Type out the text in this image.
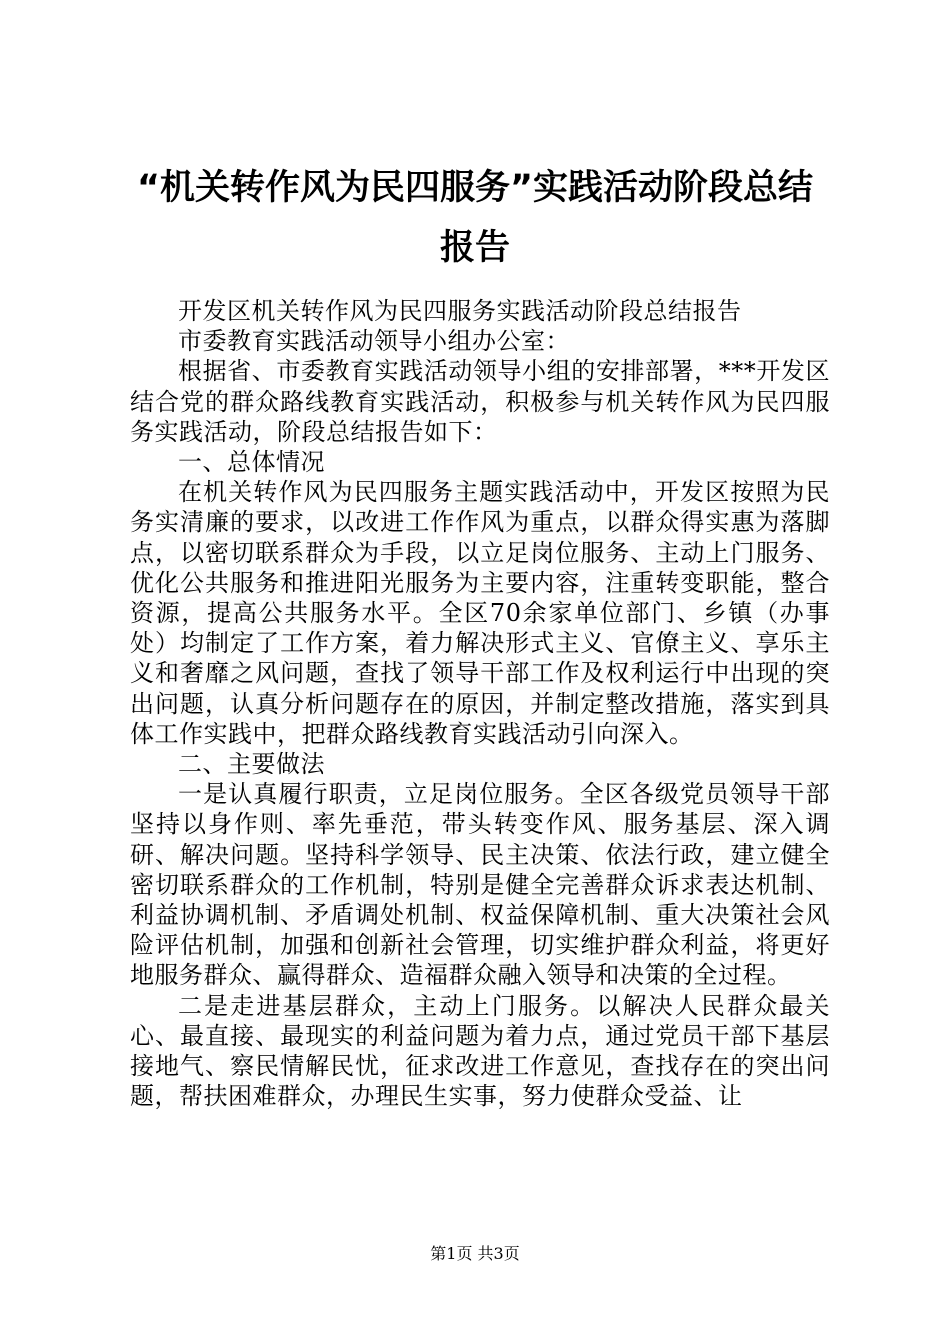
“机关转作风为民四服务”实践活动阶段总结报告

开发区机关转作风为民四服务实践活动阶段总结报告

市委教育实践活动领导小组办公室：

根据省、市委教育实践活动领导小组的安排部署，***开发区结合党的群众路线教育实践活动，积极参与机关转作风为民四服务实践活动，阶段总结报告如下：

一、总体情况

在机关转作风为民四服务主题实践活动中，开发区按照为民务实清廉的要求，以改进工作作风为重点，以群众得实惠为落脚点，以密切联系群众为手段，以立足岗位服务、主动上门服务、优化公共服务和推进阳光服务为主要内容，注重转变职能，整合资源，提高公共服务水平。全区70余家单位部门、乡镇（办事处）均制定了工作方案，着力解决形式主义、官僚主义、享乐主义和奢靡之风问题，查找了领导干部工作及权利运行中出现的突出问题，认真分析问题存在的原因，并制定整改措施，落实到具体工作实践中，把群众路线教育实践活动引向深入。

二、主要做法

一是认真履行职责，立足岗位服务。全区各级党员领导干部坚持以身作则、率先垂范，带头转变作风、服务基层、深入调研、解决问题。坚持科学领导、民主决策、依法行政，建立健全密切联系群众的工作机制，特别是健全完善群众诉求表达机制、利益协调机制、矛盾调处机制、权益保障机制、重大决策社会风险评估机制，加强和创新社会管理，切实维护群众利益，将更好地服务群众、赢得群众、造福群众融入领导和决策的全过程。

二是走进基层群众，主动上门服务。以解决人民群众最关心、最直接、最现实的利益问题为着力点，通过党员干部下基层接地气、察民情解民忧，征求改进工作意见，查找存在的突出问题，帮扶困难群众，办理民生实事，努力使群众受益、让

第1页 共3页
